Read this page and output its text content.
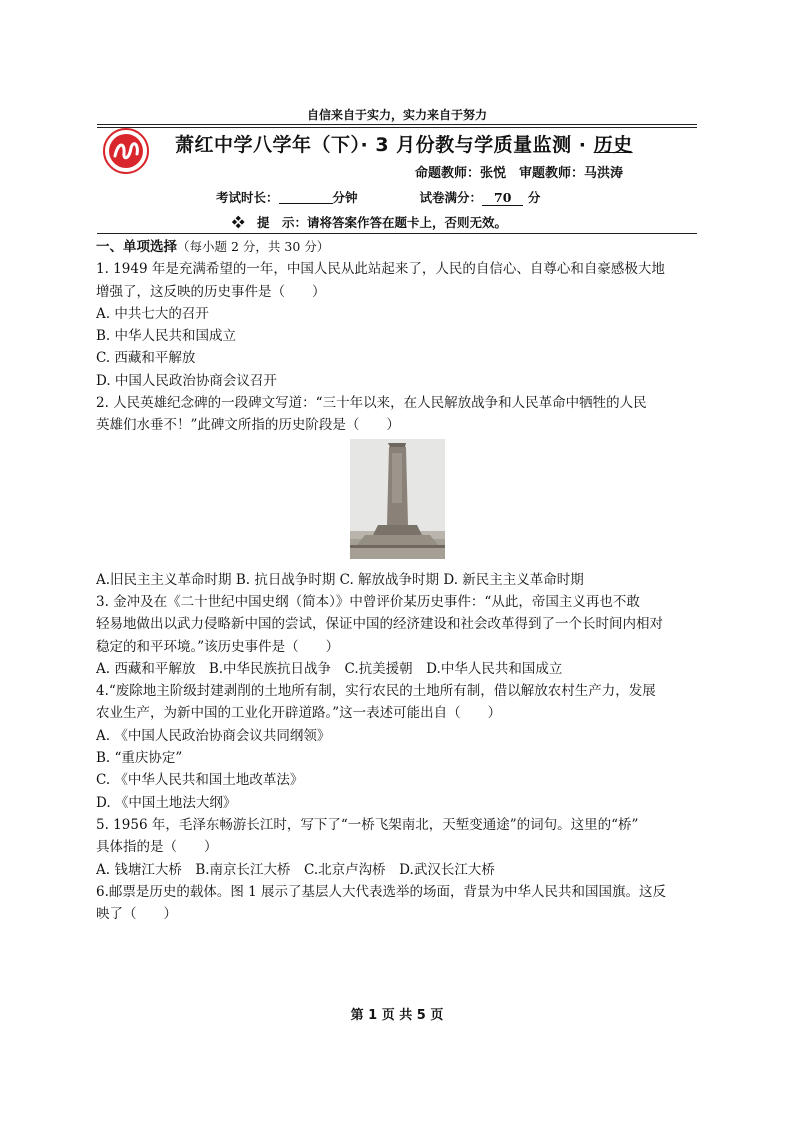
自信来自于实力，实力来自于努力
萧红中学八学年（下）· 3 月份教与学质量监测 · 历史
命题教师：张悦　审题教师：马洪涛
考试时长：	分钟	试卷满分： 70 分
❖　提　示：请将答案作答在题卡上，否则无效。

一、单项选择（每小题 2 分，共 30 分）

1. 1949 年是充满希望的一年，中国人民从此站起来了，人民的自信心、自尊心和自豪感极大地

增强了，这反映的历史事件是（　　）

A. 中共七大的召开

B. 中华人民共和国成立

C. 西藏和平解放

D. 中国人民政治协商会议召开

2. 人民英雄纪念碑的一段碑文写道：“三十年以来，在人民解放战争和人民革命中牺牲的人民

英雄们水垂不！”此碑文所指的历史阶段是（　　）

A.旧民主主义革命时期 B. 抗日战争时期 C. 解放战争时期 D. 新民主主义革命时期

3. 金冲及在《二十世纪中国史纲（简本）》中曾评价某历史事件：“从此，帝国主义再也不敢

轻易地做出以武力侵略新中国的尝试，保证中国的经济建设和社会改革得到了一个长时间内相对

稳定的和平环境。”该历史事件是（　　）

A. 西藏和平解放　B.中华民族抗日战争　C.抗美援朝　D.中华人民共和国成立

4.“废除地主阶级封建剥削的土地所有制，实行农民的土地所有制，借以解放农村生产力，发展

农业生产，为新中国的工业化开辟道路。”这一表述可能出自（　　）

A. 《中国人民政治协商会议共同纲领》

B. “重庆协定”

C. 《中华人民共和国土地改革法》

D. 《中国土地法大纲》

5. 1956 年，毛泽东畅游长江时，写下了“一桥飞架南北，天堑变通途”的词句。这里的“桥”

具体指的是（　　）

A. 钱塘江大桥　B.南京长江大桥　C.北京卢沟桥　D.武汉长江大桥

6.邮票是历史的载体。图 1 展示了基层人大代表选举的场面，背景为中华人民共和国国旗。这反

映了（　　）

第 1 页 共 5 页
